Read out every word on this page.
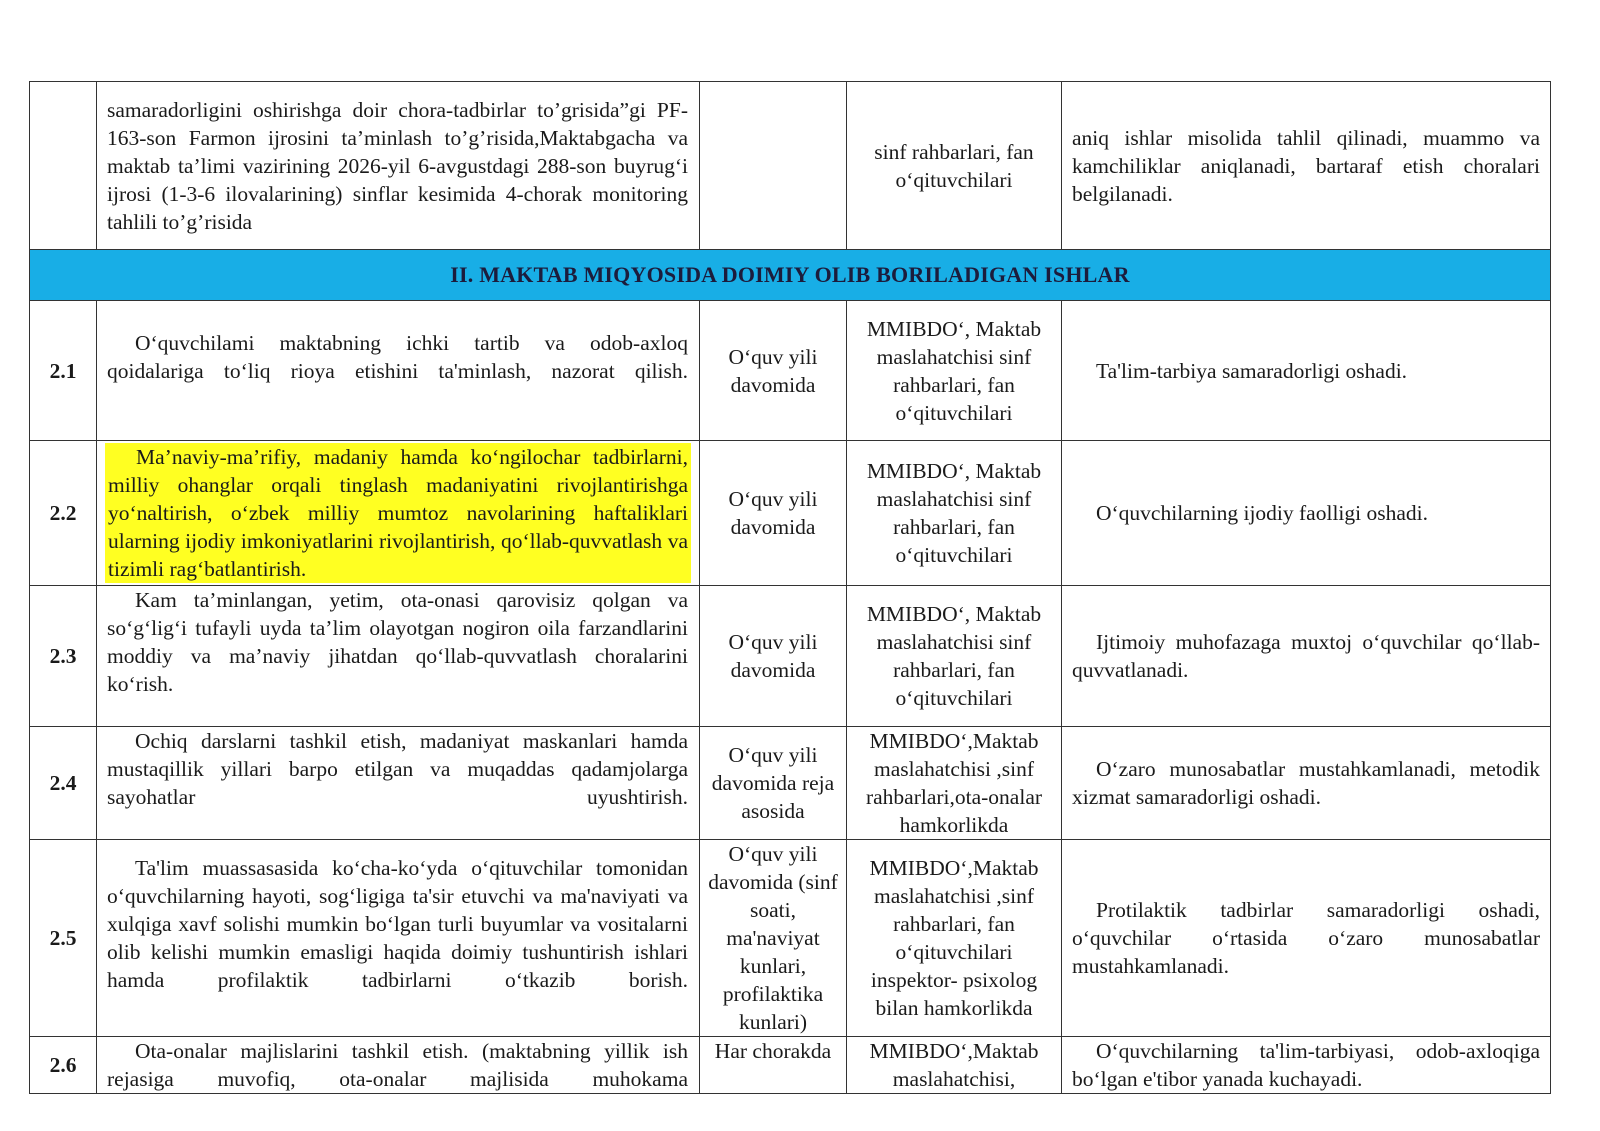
	samaradorligini oshirishga doir chora-tadbirlar to’grisida”gi PF-163-son Farmon ijrosini ta’minlash to’g’risida,Maktabgacha va maktab ta’limi vazirining 2026-yil 6-avgustdagi 288-son buyrug‘i ijrosi (1-3-6 ilovalarining) sinflar kesimida 4-chorak monitoring tahlili to’g’risida		sinf rahbarlari, fan o‘qituvchilari	aniq ishlar misolida tahlil qilinadi, muammo va kamchiliklar aniqlanadi, bartaraf etish choralari belgilanadi.

II. MAKTAB MIQYOSIDA DOIMIY OLIB BORILADIGAN ISHLAR				
2.1	O‘quvchilami maktabning ichki tartib va odob-axloq qoidalariga to‘liq rioya etishini ta'minlash, nazorat qilish.	O‘quv yili davomida	MMIBDO‘, Maktab maslahatchisi sinf rahbarlari, fan o‘qituvchilari	Ta'lim-tarbiya samaradorligi oshadi.

2.2	Ma’naviy-ma’rifiy, madaniy hamda ko‘ngilochar tadbirlarni, milliy ohanglar orqali tinglash madaniyatini rivojlantirishga yo‘naltirish, o‘zbek milliy mumtoz navolarining haftaliklari ularning ijodiy imkoniyatlarini rivojlantirish, qo‘llab-quvvatlash va tizimli rag‘batlantirish.	O‘quv yili davomida	MMIBDO‘, Maktab maslahatchisi sinf rahbarlari, fan o‘qituvchilari	O‘quvchilarning ijodiy faolligi oshadi.

2.3	Kam ta’minlangan, yetim, ota-onasi qarovisiz qolgan va so‘g‘lig‘i tufayli uyda ta’lim olayotgan nogiron oila farzandlarini moddiy va ma’naviy jihatdan qo‘llab-quvvatlash choralarini ko‘rish.	O‘quv yili davomida	MMIBDO‘, Maktab maslahatchisi sinf rahbarlari, fan o‘qituvchilari	Ijtimoiy muhofazaga muxtoj o‘quvchilar qo‘llab-quvvatlanadi.

2.4	Ochiq darslarni tashkil etish, madaniyat maskanlari hamda mustaqillik yillari barpo etilgan va muqaddas qadamjolarga sayohatlar uyushtirish.	O‘quv yili davomida reja asosida	MMIBDO‘,Maktab maslahatchisi ,sinf rahbarlari,ota-onalar hamkorlikda	O‘zaro munosabatlar mustahkamlanadi, metodik xizmat samaradorligi oshadi.

2.5	Ta'lim muassasasida ko‘cha-ko‘yda o‘qituvchilar tomonidan o‘quvchilarning hayoti, sog‘ligiga ta'sir etuvchi va ma'naviyati va xulqiga xavf solishi mumkin bo‘lgan turli buyumlar va vositalarni olib kelishi mumkin emasligi haqida doimiy tushuntirish ishlari hamda profilaktik tadbirlarni o‘tkazib borish.	O‘quv yili davomida (sinf soati, ma'naviyat kunlari, profilaktika kunlari)	MMIBDO‘,Maktab maslahatchisi ,sinf rahbarlari, fan o‘qituvchilari inspektor- psixolog bilan hamkorlikda	Protilaktik tadbirlar samaradorligi oshadi, o‘quvchilar o‘rtasida o‘zaro munosabatlar mustahkamlanadi.

2.6	Ota-onalar majlislarini tashkil etish. (maktabning yillik ish rejasiga muvofiq, ota-onalar majlisida muhokama	Har chorakda	MMIBDO‘,Maktab maslahatchisi,	O‘quvchilarning ta'lim-tarbiyasi, odob-axloqiga bo‘lgan e'tibor yanada kuchayadi.
